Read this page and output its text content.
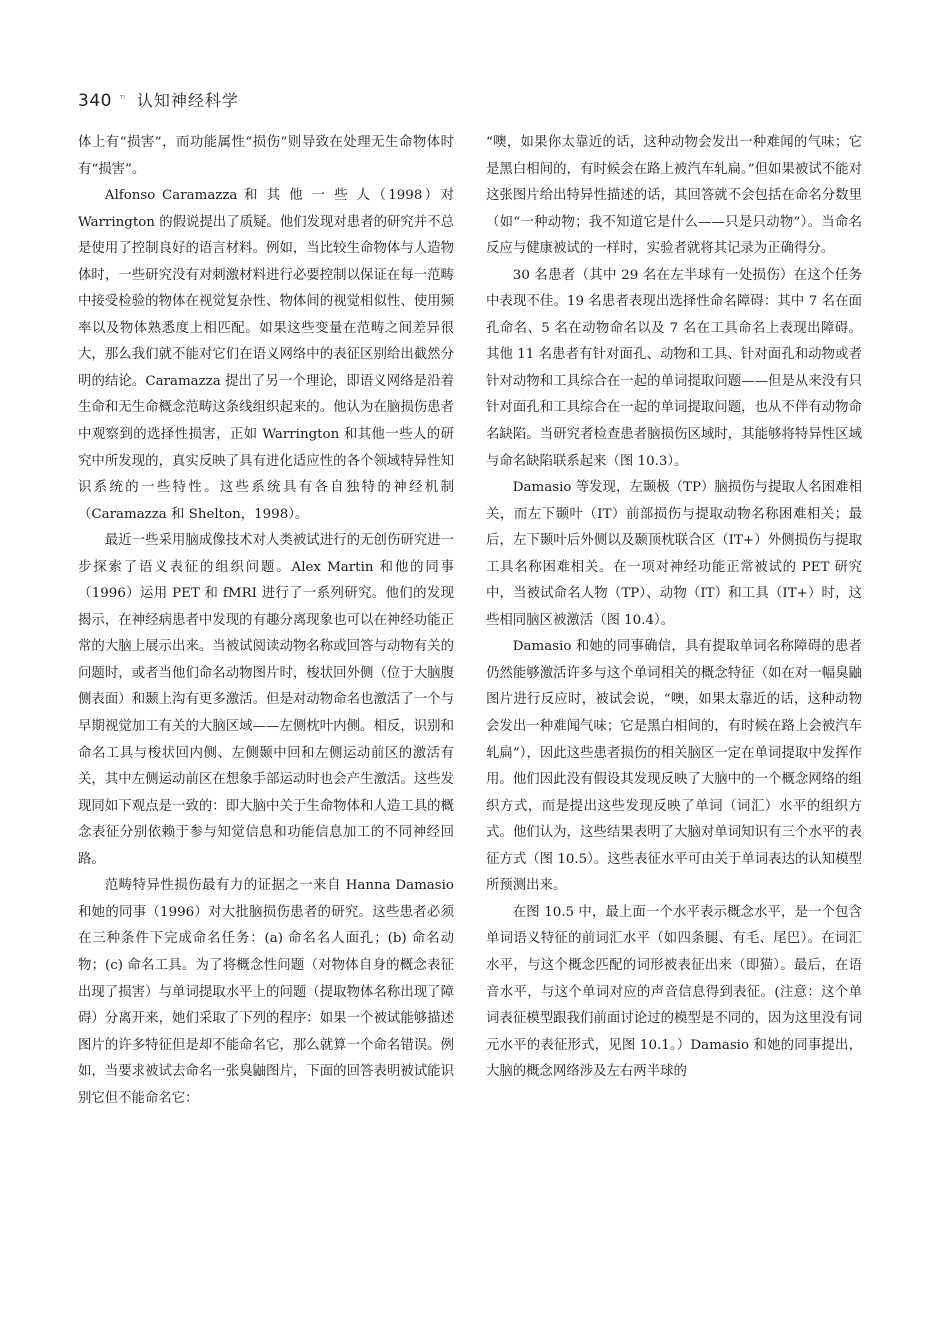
340 ᵀˡ 认知神经科学

体上有“损害”，而功能属性“损伤”则导致在处理无生命物体时有“损害”。

Alfonso Caramazza 和 其 他 一 些 人（1998）对 Warrington 的假说提出了质疑。他们发现对患者的研究并不总是使用了控制良好的语言材料。例如，当比较生命物体与人造物体时，一些研究没有对刺激材料进行必要控制以保证在每一范畴中接受检验的物体在视觉复杂性、物体间的视觉相似性、使用频率以及物体熟悉度上相匹配。如果这些变量在范畴之间差异很大，那么我们就不能对它们在语义网络中的表征区别给出截然分明的结论。Caramazza 提出了另一个理论，即语义网络是沿着生命和无生命概念范畴这条线组织起来的。他认为在脑损伤患者中观察到的选择性损害，正如 Warrington 和其他一些人的研究中所发现的，真实反映了具有进化适应性的各个领域特异性知识系统的一些特性。这些系统具有各自独特的神经机制（Caramazza 和 Shelton，1998）。

最近一些采用脑成像技术对人类被试进行的无创伤研究进一步探索了语义表征的组织问题。Alex Martin 和他的同事（1996）运用 PET 和 fMRI 进行了一系列研究。他们的发现揭示，在神经病患者中发现的有趣分离现象也可以在神经功能正常的大脑上展示出来。当被试阅读动物名称或回答与动物有关的问题时，或者当他们命名动物图片时，梭状回外侧（位于大脑腹侧表面）和颞上沟有更多激活。但是对动物命名也激活了一个与早期视觉加工有关的大脑区域——左侧枕叶内侧。相反，识别和命名工具与梭状回内侧、左侧颞中回和左侧运动前区的激活有关，其中左侧运动前区在想象手部运动时也会产生激活。这些发现同如下观点是一致的：即大脑中关于生命物体和人造工具的概念表征分别依赖于参与知觉信息和功能信息加工的不同神经回路。

范畴特异性损伤最有力的证据之一来自 Hanna Damasio 和她的同事（1996）对大批脑损伤患者的研究。这些患者必须在三种条件下完成命名任务：(a) 命名名人面孔；(b) 命名动物；(c) 命名工具。为了将概念性问题（对物体自身的概念表征出现了损害）与单词提取水平上的问题（提取物体名称出现了障碍）分离开来，她们采取了下列的程序：如果一个被试能够描述图片的许多特征但是却不能命名它，那么就算一个命名错误。例如，当要求被试去命名一张臭鼬图片，下面的回答表明被试能识别它但不能命名它：

“噢，如果你太靠近的话，这种动物会发出一种难闻的气味；它是黑白相间的，有时候会在路上被汽车轧扁。”但如果被试不能对这张图片给出特异性描述的话，其回答就不会包括在命名分数里（如“一种动物；我不知道它是什么——只是只动物”）。当命名反应与健康被试的一样时，实验者就将其记录为正确得分。

30 名患者（其中 29 名在左半球有一处损伤）在这个任务中表现不佳。19 名患者表现出选择性命名障碍：其中 7 名在面孔命名、5 名在动物命名以及 7 名在工具命名上表现出障碍。其他 11 名患者有针对面孔、动物和工具、针对面孔和动物或者针对动物和工具综合在一起的单词提取问题——但是从来没有只针对面孔和工具综合在一起的单词提取问题，也从不伴有动物命名缺陷。当研究者检查患者脑损伤区域时，其能够将特异性区域与命名缺陷联系起来（图 10.3）。

Damasio 等发现，左颞极（TP）脑损伤与提取人名困难相关，而左下颞叶（IT）前部损伤与提取动物名称困难相关；最后，左下颞叶后外侧以及颞顶枕联合区（IT+）外侧损伤与提取工具名称困难相关。在一项对神经功能正常被试的 PET 研究中，当被试命名人物（TP）、动物（IT）和工具（IT+）时，这些相同脑区被激活（图 10.4）。

Damasio 和她的同事确信，具有提取单词名称障碍的患者仍然能够激活许多与这个单词相关的概念特征（如在对一幅臭鼬图片进行反应时，被试会说，“噢，如果太靠近的话，这种动物会发出一种难闻气味；它是黑白相间的，有时候在路上会被汽车轧扁”），因此这些患者损伤的相关脑区一定在单词提取中发挥作用。他们因此没有假设其发现反映了大脑中的一个概念网络的组织方式，而是提出这些发现反映了单词（词汇）水平的组织方式。他们认为，这些结果表明了大脑对单词知识有三个水平的表征方式（图 10.5）。这些表征水平可由关于单词表达的认知模型所预测出来。

在图 10.5 中，最上面一个水平表示概念水平，是一个包含单词语义特征的前词汇水平（如四条腿、有毛、尾巴）。在词汇水平，与这个概念匹配的词形被表征出来（即猫）。最后，在语音水平，与这个单词对应的声音信息得到表征。(注意：这个单词表征模型跟我们前面讨论过的模型是不同的，因为这里没有词元水平的表征形式，见图 10.1。）Damasio 和她的同事提出，大脑的概念网络涉及左右两半球的
